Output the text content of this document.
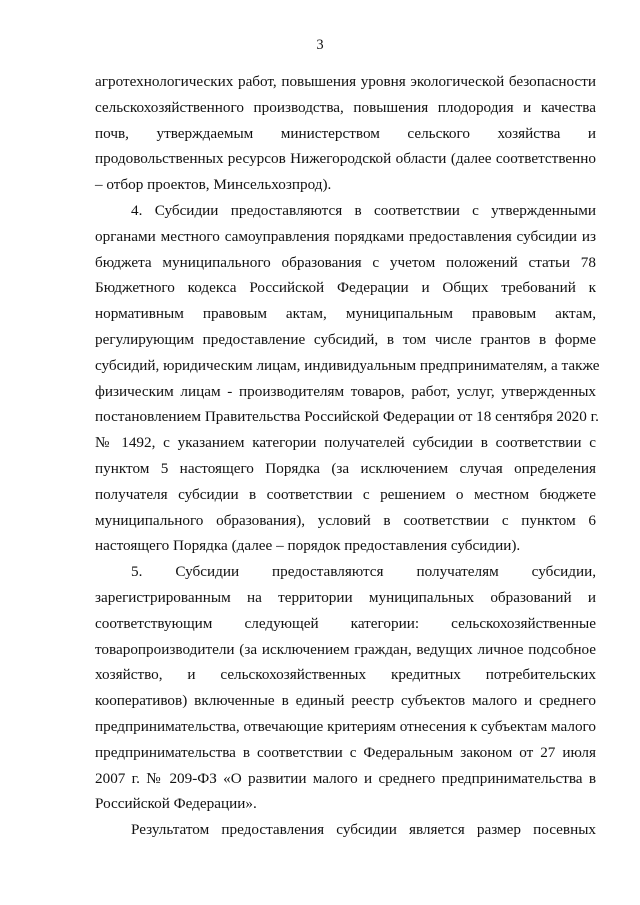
3
агротехнологических работ, повышения уровня экологической безопасности
сельскохозяйственного производства, повышения плодородия и качества
почв, утверждаемым министерством сельского хозяйства и
продовольственных ресурсов Нижегородской области (далее соответственно
– отбор проектов, Минсельхозпрод).
4. Субсидии предоставляются в соответствии с утвержденными
органами местного самоуправления порядками предоставления субсидии из
бюджета муниципального образования с учетом положений статьи 78
Бюджетного кодекса Российской Федерации и Общих требований к
нормативным правовым актам, муниципальным правовым актам,
регулирующим предоставление субсидий, в том числе грантов в форме
субсидий, юридическим лицам, индивидуальным предпринимателям, а также
физическим лицам - производителям товаров, работ, услуг, утвержденных
постановлением Правительства Российской Федерации от 18 сентября 2020 г.
№ 1492, с указанием категории получателей субсидии в соответствии с
пунктом 5 настоящего Порядка (за исключением случая определения
получателя субсидии в соответствии с решением о местном бюджете
муниципального образования), условий в соответствии с пунктом 6
настоящего Порядка (далее – порядок предоставления субсидии).
5. Субсидии предоставляются получателям субсидии,
зарегистрированным на территории муниципальных образований и
соответствующим следующей категории: сельскохозяйственные
товаропроизводители (за исключением граждан, ведущих личное подсобное
хозяйство, и сельскохозяйственных кредитных потребительских
кооперативов) включенные в единый реестр субъектов малого и среднего
предпринимательства, отвечающие критериям отнесения к субъектам малого
предпринимательства в соответствии с Федеральным законом от 27 июля
2007 г. № 209-ФЗ «О развитии малого и среднего предпринимательства в
Российской Федерации».
Результатом предоставления субсидии является размер посевных
